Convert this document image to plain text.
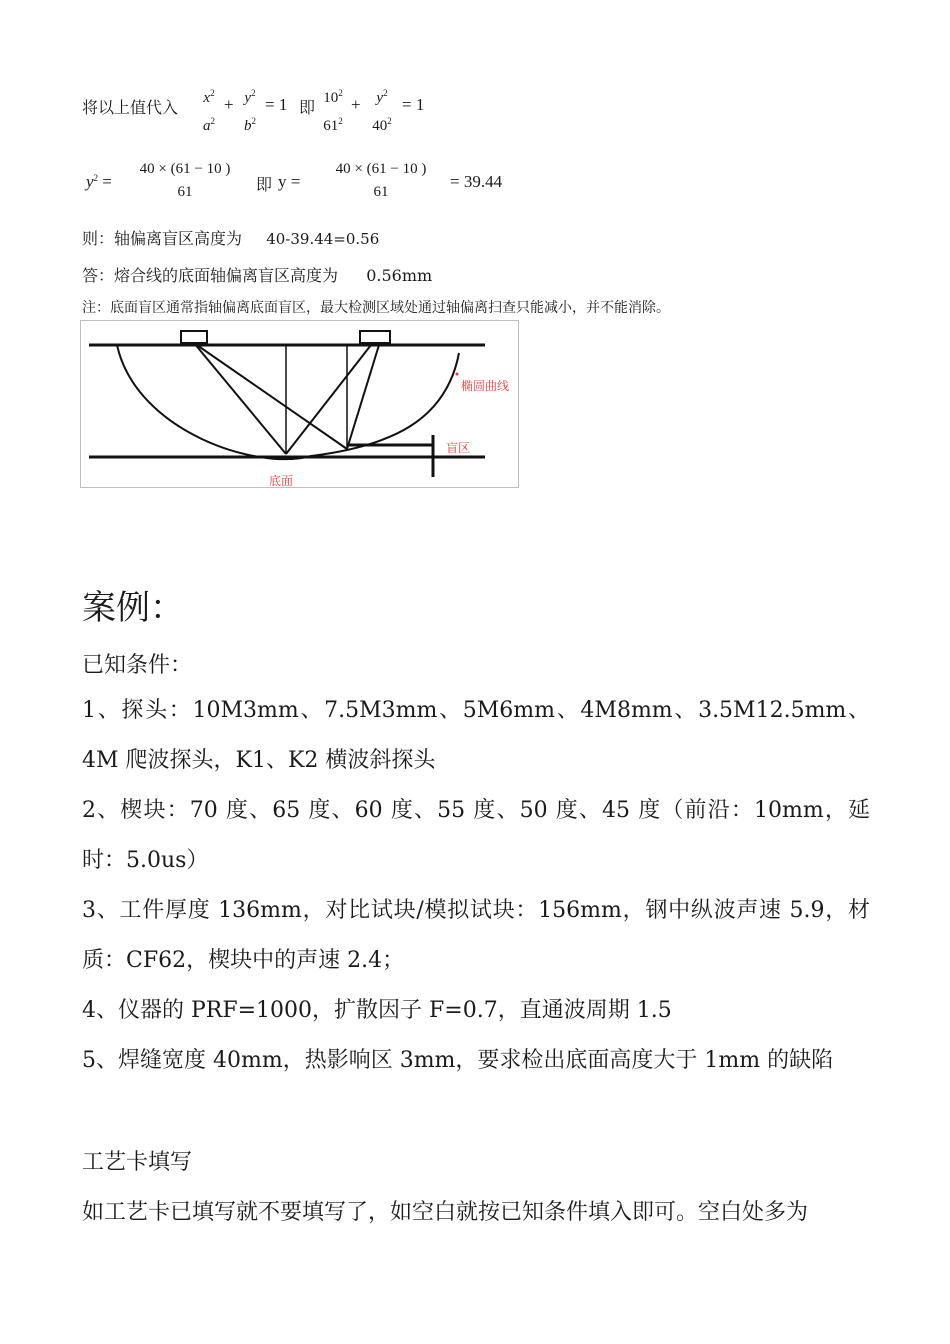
将以上值代入	$x^2$
$a^2$
+ $y^2$
$b^2$
= 1 即 $10^2$
$61^2$
+	$y^2$
$40^2$
= 1
$y^2$ =
40 × (61 − 10 )
61	即 y =
40 × (61 − 10 )
61
= 39.44
则：轴偏离盲区高度为 40-39.44=0.56
答：熔合线的底面轴偏离盲区高度为 0.56mm
注：底面盲区通常指轴偏离底面盲区，最大检测区域处通过轴偏离扫查只能减小，并不能消除。
椭圆曲线
盲区
底面
案例：
已知条件：
1、探头：10M3mm、7.5M3mm、5M6mm、4M8mm、3.5M12.5mm、4M 爬波探头，K1、K2 横波斜探头
2、楔块：70 度、65 度、60 度、55 度、50 度、45 度（前沿：10mm，延时：5.0us）
3、工件厚度 136mm，对比试块/模拟试块：156mm，钢中纵波声速 5.9，材质：CF62，楔块中的声速 2.4；
4、仪器的 PRF=1000，扩散因子 F=0.7，直通波周期 1.5
5、焊缝宽度 40mm，热影响区 3mm，要求检出底面高度大于 1mm 的缺陷
工艺卡填写
如工艺卡已填写就不要填写了，如空白就按已知条件填入即可。空白处多为
